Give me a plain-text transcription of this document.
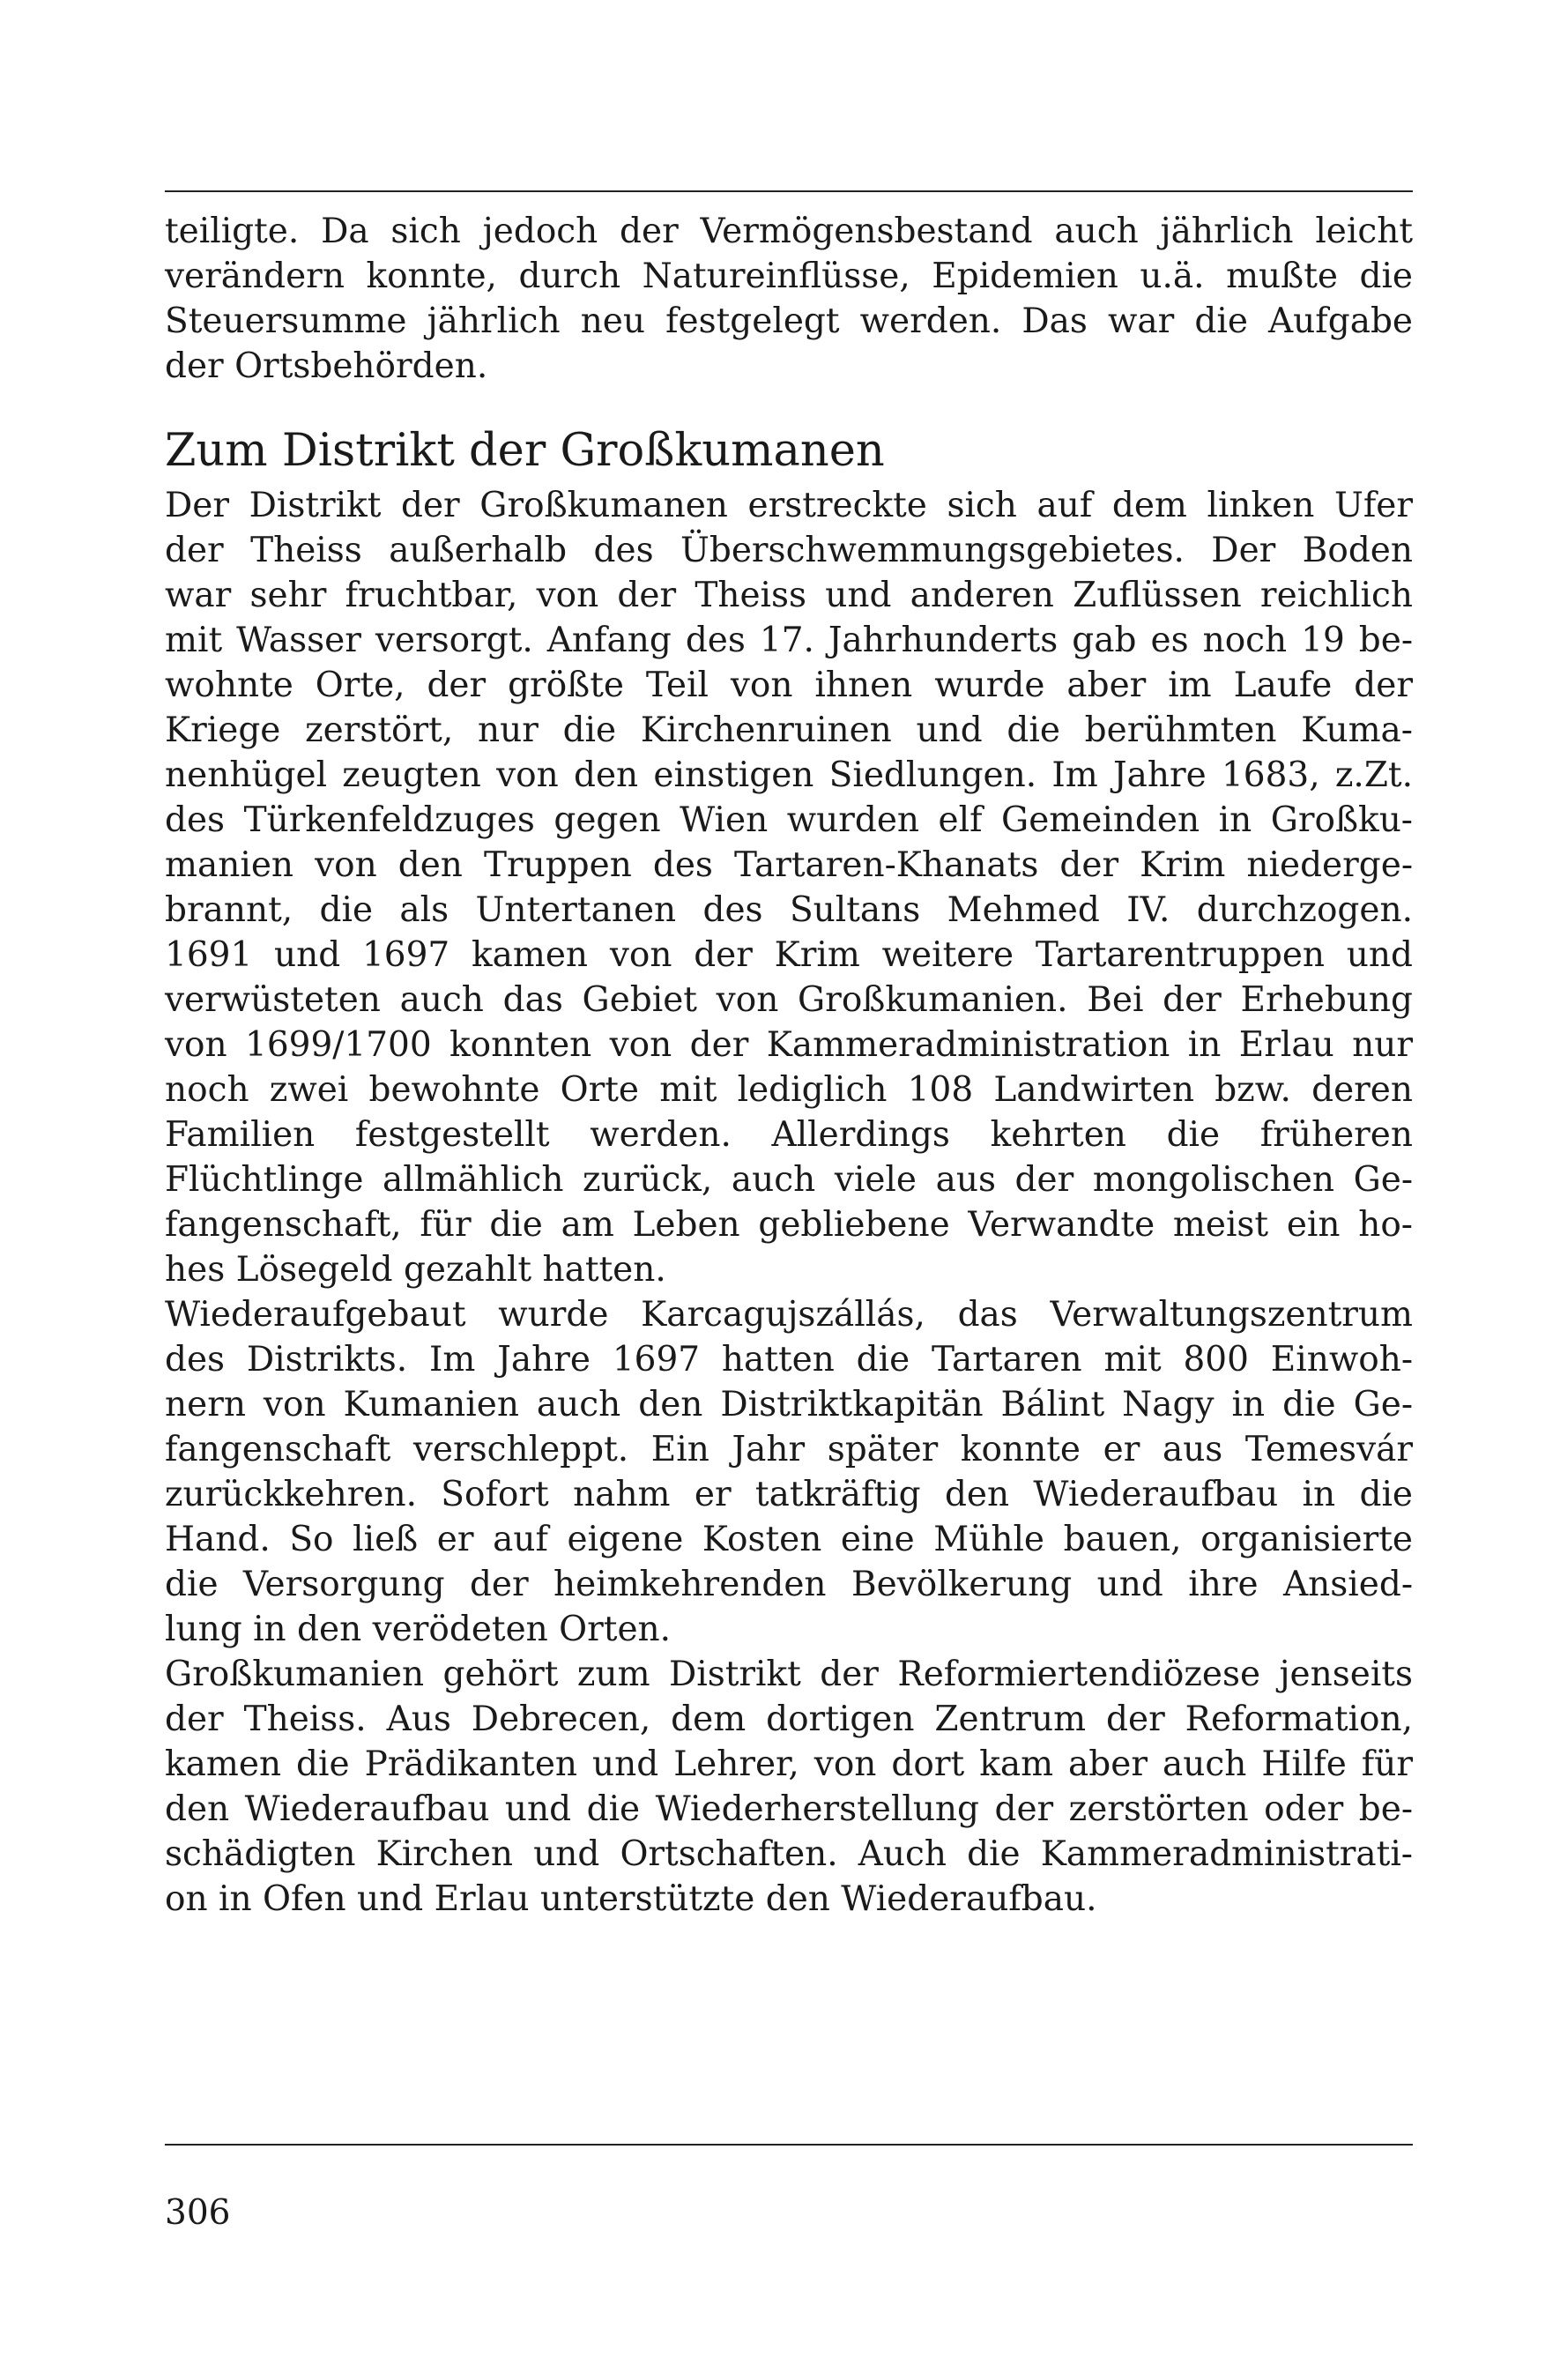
teiligte. Da sich jedoch der Vermögensbestand auch jährlich leicht
verändern konnte, durch Natureinflüsse, Epidemien u.ä. mußte die
Steuersumme jährlich neu festgelegt werden. Das war die Aufgabe
der Ortsbehörden.
Zum Distrikt der Großkumanen
Der Distrikt der Großkumanen erstreckte sich auf dem linken Ufer
der Theiss außerhalb des Überschwemmungsgebietes. Der Boden
war sehr fruchtbar, von der Theiss und anderen Zuflüssen reichlich
mit Wasser versorgt. Anfang des 17. Jahrhunderts gab es noch 19 be-
wohnte Orte, der größte Teil von ihnen wurde aber im Laufe der
Kriege zerstört, nur die Kirchenruinen und die berühmten Kuma-
nenhügel zeugten von den einstigen Siedlungen. Im Jahre 1683, z.Zt.
des Türkenfeldzuges gegen Wien wurden elf Gemeinden in Großku-
manien von den Truppen des Tartaren-Khanats der Krim niederge-
brannt, die als Untertanen des Sultans Mehmed IV. durchzogen.
1691 und 1697 kamen von der Krim weitere Tartarentruppen und
verwüsteten auch das Gebiet von Großkumanien. Bei der Erhebung
von 1699/1700 konnten von der Kammeradministration in Erlau nur
noch zwei bewohnte Orte mit lediglich 108 Landwirten bzw. deren
Familien festgestellt werden. Allerdings kehrten die früheren
Flüchtlinge allmählich zurück, auch viele aus der mongolischen Ge-
fangenschaft, für die am Leben gebliebene Verwandte meist ein ho-
hes Lösegeld gezahlt hatten.
Wiederaufgebaut wurde Karcagujszállás, das Verwaltungszentrum
des Distrikts. Im Jahre 1697 hatten die Tartaren mit 800 Einwoh-
nern von Kumanien auch den Distriktkapitän Bálint Nagy in die Ge-
fangenschaft verschleppt. Ein Jahr später konnte er aus Temesvár
zurückkehren. Sofort nahm er tatkräftig den Wiederaufbau in die
Hand. So ließ er auf eigene Kosten eine Mühle bauen, organisierte
die Versorgung der heimkehrenden Bevölkerung und ihre Ansied-
lung in den verödeten Orten.
Großkumanien gehört zum Distrikt der Reformiertendiözese jenseits
der Theiss. Aus Debrecen, dem dortigen Zentrum der Reformation,
kamen die Prädikanten und Lehrer, von dort kam aber auch Hilfe für
den Wiederaufbau und die Wiederherstellung der zerstörten oder be-
schädigten Kirchen und Ortschaften. Auch die Kammeradministrati-
on in Ofen und Erlau unterstützte den Wiederaufbau.
306
